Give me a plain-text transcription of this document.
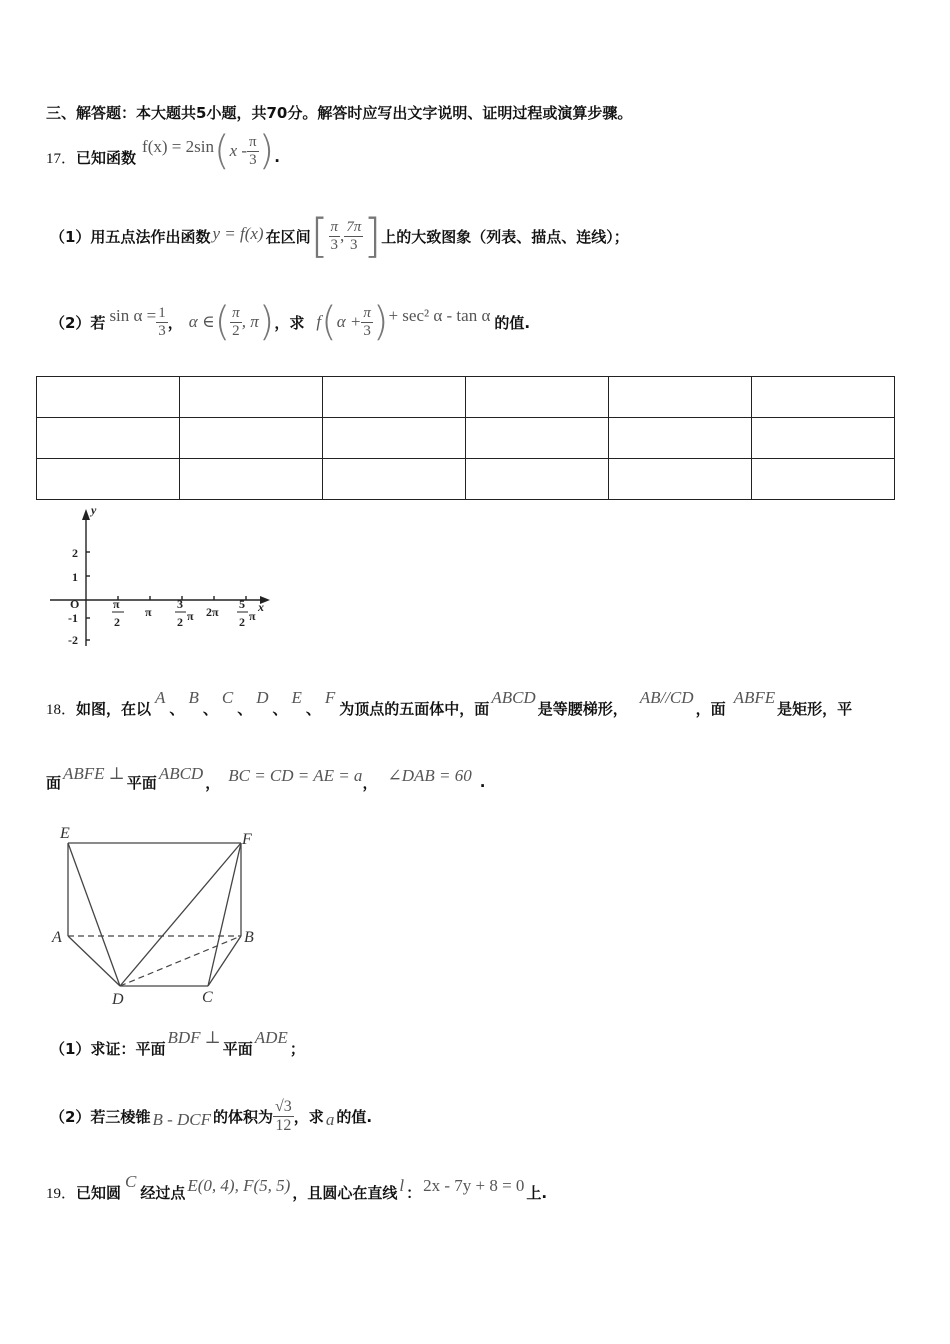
三、解答题：本大题共5小题，共70分。解答时应写出文字说明、证明过程或演算步骤。
17． 已知函数
f(x) = 2sin ( x - $\frac{\pi}{3}$ ) .
（1）用五点法作出函数 y = f(x) 在区间 [ $\frac{\pi}{3}$ , $\frac{7\pi}{3}$ ] 上的大致图象（列表、描点、连线）；
（2）若 $\sin \alpha = \frac{1}{3}$ ， α ∈ ( $\frac{\pi}{2}$ , π ) ，求 f ( $\alpha + \frac{\pi}{3}$ ) + sec² α - tan α 的值.

y
x
O
2
1
-1
-2
π
2
π
3
2 π 2π
5
2 π
18． 如图，在以
A
、
B
、
C
、
D
、
E
、
F
为顶点的五面体中，面
ABCD
是等腰梯形，
AB//CD
，面
ABFE
是矩形，平
面 ABFE ⊥ 平面 ABCD ， BC = CD = AE = a ， ∠DAB = 60 .
E	F
A	B
D	C
（1）求证：平面
BDF ⊥
平面
ADE
；
（2）若三棱锥 B - DCF 的体积为 $\frac{√3}{12}$ ，求 a 的值.
19． 已知圆
C
经过点 E(0, 4), F(5, 5) ，且圆心在直线 l ： 2x - 7y + 8 = 0 上.
